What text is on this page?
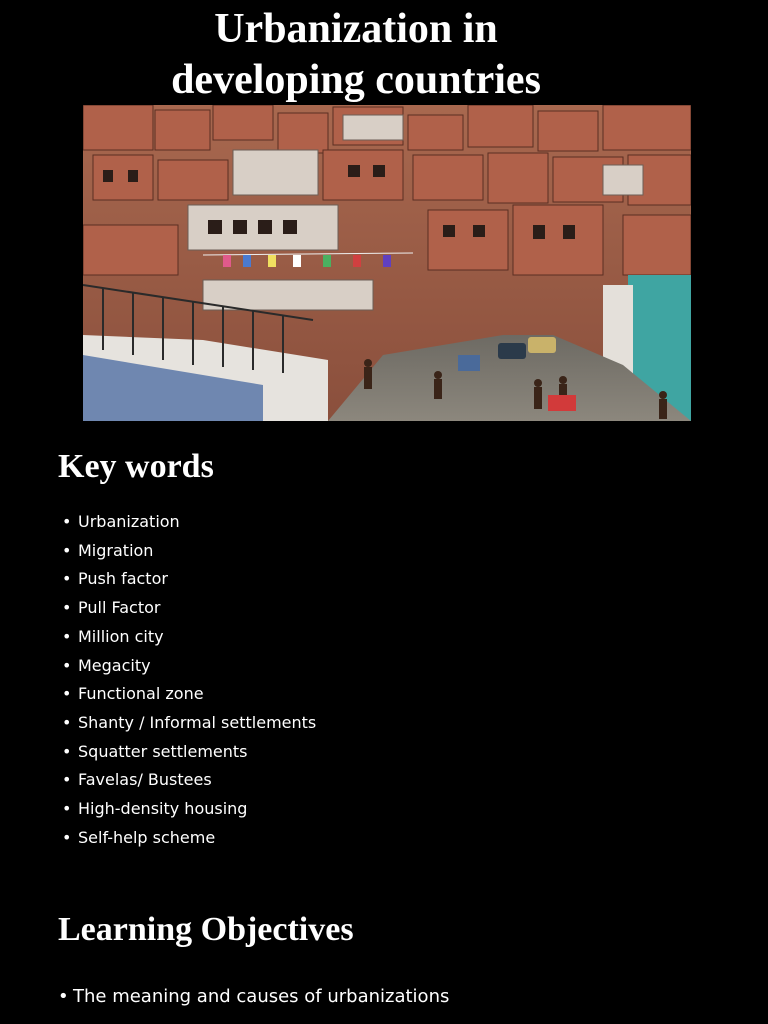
Urbanization in
developing countries
Key words
• Urbanization
• Migration
• Push factor
• Pull Factor
• Million city
• Megacity
• Functional zone
• Shanty / Informal settlements
• Squatter settlements
• Favelas/ Bustees
• High-density housing
• Self-help scheme
Learning Objectives
• The meaning and causes of urbanizations
